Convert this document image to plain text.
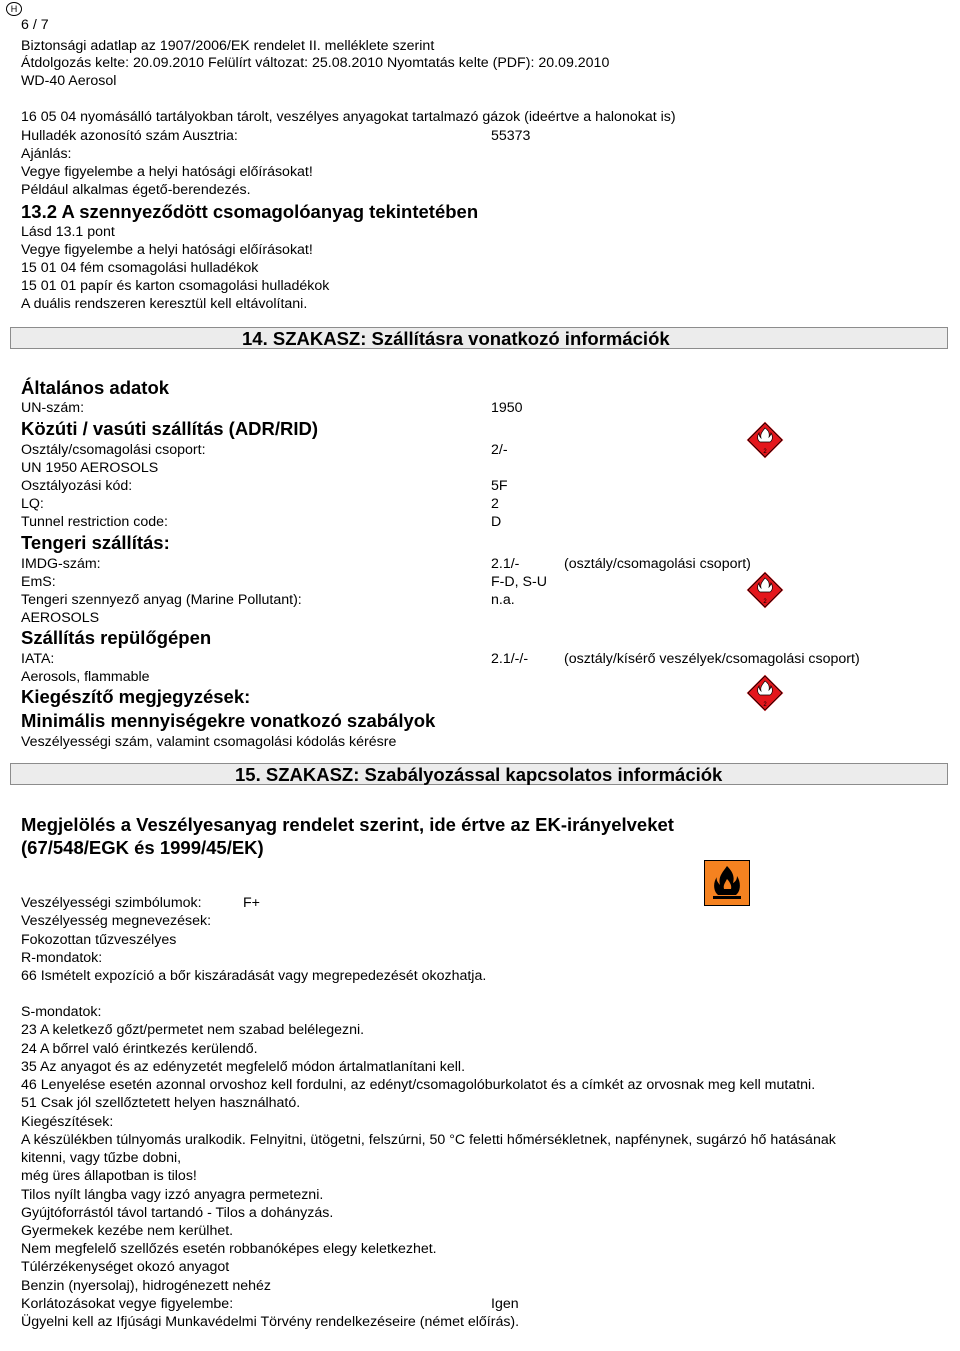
H
6 / 7
Biztonsági adatlap az 1907/2006/EK rendelet II. melléklete szerint
Átdolgozás kelte: 20.09.2010 Felülírt változat: 25.08.2010 Nyomtatás kelte (PDF): 20.09.2010
WD-40 Aerosol
16 05 04 nyomásálló tartályokban tárolt, veszélyes anyagokat tartalmazó gázok (ideértve a halonokat is)
Hulladék azonosító szám Ausztria:	55373
Ajánlás:
Vegye figyelembe a helyi hatósági előírásokat!
Például alkalmas égető-berendezés.
13.2 A szennyeződött csomagolóanyag tekintetében
Lásd 13.1 pont
Vegye figyelembe a helyi hatósági előírásokat!
15 01 04 fém csomagolási hulladékok
15 01 01 papír és karton csomagolási hulladékok
A duális rendszeren keresztül kell eltávolítani.
14. SZAKASZ: Szállításra vonatkozó információk
Általános adatok
UN-szám:	1950
Közúti / vasúti szállítás (ADR/RID)
Osztály/csomagolási csoport:	2/-
UN 1950 AEROSOLS
Osztályozási kód:	5F
LQ:	2
Tunnel restriction code:	D
Tengeri szállítás:
IMDG-szám:	2.1/-	(osztály/csomagolási csoport)
EmS:	F-D, S-U
Tengeri szennyező anyag (Marine Pollutant):	n.a.
AEROSOLS
Szállítás repülőgépen
IATA:	2.1/-/-	(osztály/kísérő veszélyek/csomagolási csoport)
Aerosols, flammable
Kiegészítő megjegyzések:
Minimális mennyiségekre vonatkozó szabályok
Veszélyességi szám, valamint csomagolási kódolás kérésre
2
2
2
15. SZAKASZ: Szabályozással kapcsolatos információk
Megjelölés a Veszélyesanyag rendelet szerint, ide értve az EK-irányelveket
(67/548/EGK és 1999/45/EK)
Veszélyességi szimbólumok:	F+
Veszélyesség megnevezések:
Fokozottan tűzveszélyes
R-mondatok:
66 Ismételt expozíció a bőr kiszáradását vagy megrepedezését okozhatja.
S-mondatok:
23 A keletkező gőzt/permetet nem szabad belélegezni.
24 A bőrrel való érintkezés kerülendő.
35 Az anyagot és az edényzetét megfelelő módon ártalmatlanítani kell.
46 Lenyelése esetén azonnal orvoshoz kell fordulni, az edényt/csomagolóburkolatot és a címkét az orvosnak meg kell mutatni.
51 Csak jól szellőztetett helyen használható.
Kiegészítések:
A készülékben túlnyomás uralkodik. Felnyitni, ütögetni, felszúrni, 50 °C feletti hőmérsékletnek, napfénynek, sugárzó hő hatásának
kitenni, vagy tűzbe dobni,
még üres állapotban is tilos!
Tilos nyílt lángba vagy izzó anyagra permetezni.
Gyújtóforrástól távol tartandó - Tilos a dohányzás.
Gyermekek kezébe nem kerülhet.
Nem megfelelő szellőzés esetén robbanóképes elegy keletkezhet.
Túlérzékenységet okozó anyagot
Benzin (nyersolaj), hidrogénezett nehéz
Korlátozásokat vegye figyelembe:	Igen
Ügyelni kell az Ifjúsági Munkavédelmi Törvény rendelkezéseire (német előírás).
